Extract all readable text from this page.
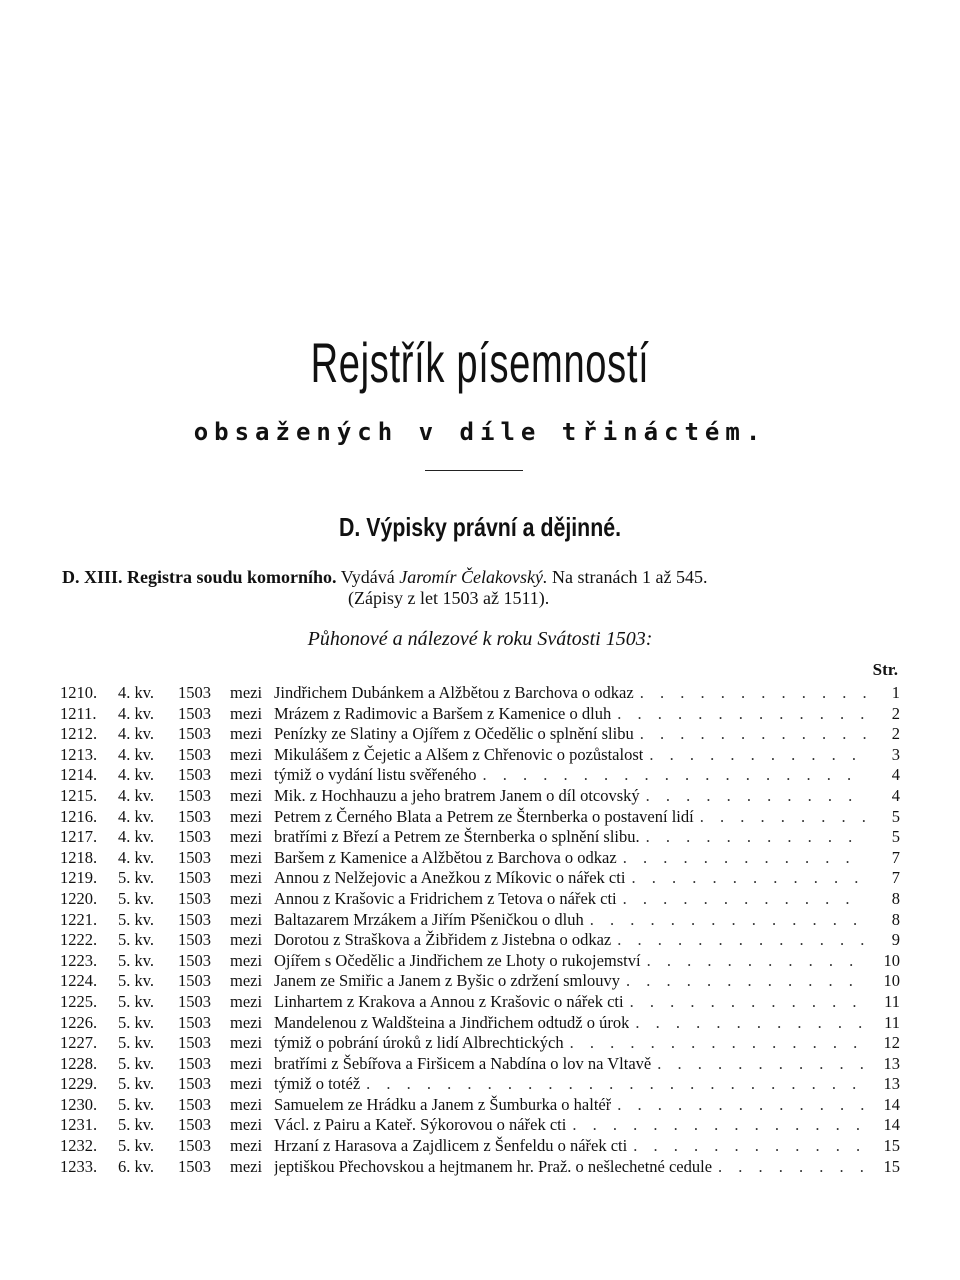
Rejstřík písemností
obsažených v díle třináctém.
D. Výpisky právní a dějinné.
D. XIII. Registra soudu komorního. Vydává Jaromír Čelakovský. Na stranách 1 až 545.
(Zápisy z let 1503 až 1511).
Půhonové a nálezové k roku Svátosti 1503:
Str.
1210.	4. kv.	1503	mezi Jindřichem Dubánkem a Alžbětou z Barchova o odkaz . . .	1
1211.	4. kv.	1503	mezi Mrázem z Radimovic a Baršem z Kamenice o dluh . . .	2
1212.	4. kv.	1503	mezi Penízky ze Slatiny a Ojířem z Očedělic o splnění slibu . . .	2
1213.	4. kv.	1503	mezi Mikulášem z Čejetic a Alšem z Chřenovic o pozůstalost . . .	3
1214.	4. kv.	1503	mezi týmiž o vydání listu svěřeného . . .	4
1215.	4. kv.	1503	mezi Mik. z Hochhauzu a jeho bratrem Janem o díl otcovský . . .	4
1216.	4. kv.	1503	mezi Petrem z Černého Blata a Petrem ze Šternberka o postavení lidí . . .	5
1217.	4. kv.	1503	mezi bratřími z Březí a Petrem ze Šternberka o splnění slibu. . . .	5
1218.	4. kv.	1503	mezi Baršem z Kamenice a Alžbětou z Barchova o odkaz . . .	7
1219.	5. kv.	1503	mezi Annou z Nelžejovic a Anežkou z Míkovic o nářek cti . . .	7
1220.	5. kv.	1503	mezi Annou z Krašovic a Fridrichem z Tetova o nářek cti . . .	8
1221.	5. kv.	1503	mezi Baltazarem Mrzákem a Jiřím Pšeničkou o dluh . . .	8
1222.	5. kv.	1503	mezi Dorotou z Straškova a Žibřidem z Jistebna o odkaz . . .	9
1223.	5. kv.	1503	mezi Ojířem s Očedělic a Jindřichem ze Lhoty o rukojemství . . .	10
1224.	5. kv.	1503	mezi Janem ze Smiřic a Janem z Byšic o zdržení smlouvy . . .	10
1225.	5. kv.	1503	mezi Linhartem z Krakova a Annou z Krašovic o nářek cti . . .	11
1226.	5. kv.	1503	mezi Mandelenou z Waldšteina a Jindřichem odtudž o úrok . . .	11
1227.	5. kv.	1503	mezi týmiž o pobrání úroků z lidí Albrechtických . . .	12
1228.	5. kv.	1503	mezi bratřími z Šebířova a Firšicem a Nabdína o lov na Vltavě . . .	13
1229.	5. kv.	1503	mezi týmiž o totéž . . .	13
1230.	5. kv.	1503	mezi Samuelem ze Hrádku a Janem z Šumburka o haltéř . . .	14
1231.	5. kv.	1503	mezi Václ. z Pairu a Kateř. Sýkorovou o nářek cti . . .	14
1232.	5. kv.	1503	mezi Hrzaní z Harasova a Zajdlicem z Šenfeldu o nářek cti . . .	15
1233.	6. kv.	1503	mezi jeptiškou Přechovskou a hejtmanem hr. Praž. o nešlechetné cedule . . .	15
